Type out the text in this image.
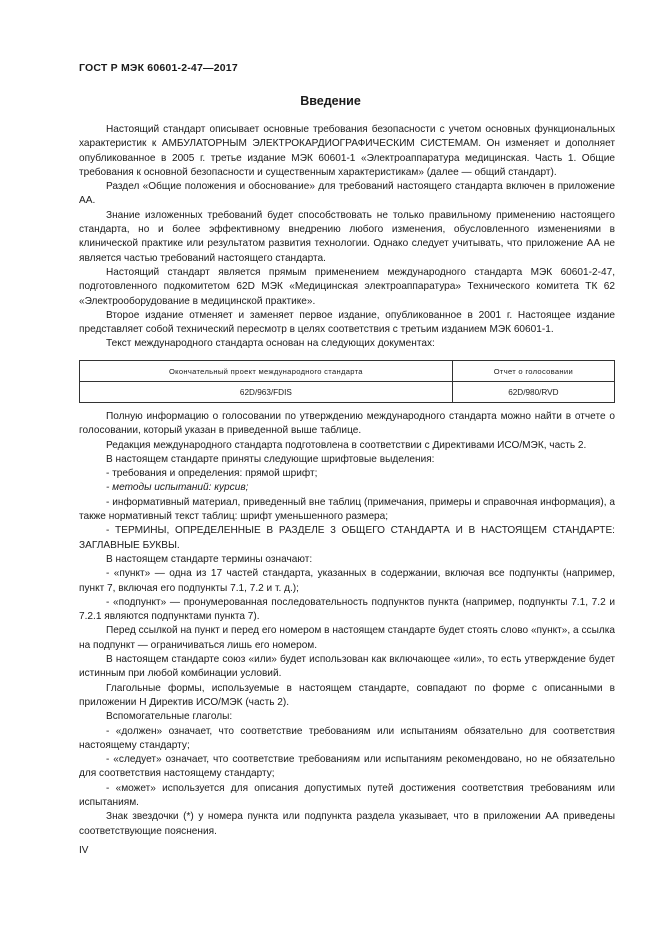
ГОСТ Р МЭК 60601-2-47—2017
Введение

Настоящий стандарт описывает основные требования безопасности с учетом основных функциональных характеристик к АМБУЛАТОРНЫМ ЭЛЕКТРОКАРДИОГРАФИЧЕСКИМ СИСТЕМАМ. Он изменяет и дополняет опубликованное в 2005 г. третье издание МЭК 60601-1 «Электроаппаратура медицинская. Часть 1. Общие требования к основной безопасности и существенным характеристикам» (далее — общий стандарт).

Раздел «Общие положения и обоснование» для требований настоящего стандарта включен в приложение АА.

Знание изложенных требований будет способствовать не только правильному применению настоящего стандарта, но и более эффективному внедрению любого изменения, обусловленного изменениями в клинической практике или результатом развития технологии. Однако следует учитывать, что приложение АА не является частью требований настоящего стандарта.

Настоящий стандарт является прямым применением международного стандарта МЭК 60601-2-47, подготовленного подкомитетом 62D МЭК «Медицинская электроаппаратура» Технического комитета ТК 62 «Электрооборудование в медицинской практике».

Второе издание отменяет и заменяет первое издание, опубликованное в 2001 г. Настоящее издание представляет собой технический пересмотр в целях соответствия с третьим изданием МЭК 60601-1.

Текст международного стандарта основан на следующих документах:

Окончательный проект международного стандарта	Отчет о голосовании
62D/963/FDIS	62D/980/RVD

Полную информацию о голосовании по утверждению международного стандарта можно найти в отчете о голосовании, который указан в приведенной выше таблице.

Редакция международного стандарта подготовлена в соответствии с Директивами ИСО/МЭК, часть 2.

В настоящем стандарте приняты следующие шрифтовые выделения:

- требования и определения: прямой шрифт;

- методы испытаний: курсив;

- информативный материал, приведенный вне таблиц (примечания, примеры и справочная информация), а также нормативный текст таблиц: шрифт уменьшенного размера;

- ТЕРМИНЫ, ОПРЕДЕЛЕННЫЕ В РАЗДЕЛЕ 3 ОБЩЕГО СТАНДАРТА И В НАСТОЯЩЕМ СТАНДАРТЕ: ЗАГЛАВНЫЕ БУКВЫ.

В настоящем стандарте термины означают:

- «пункт» — одна из 17 частей стандарта, указанных в содержании, включая все подпункты (например, пункт 7, включая его подпункты 7.1, 7.2 и т. д.);

- «подпункт» — пронумерованная последовательность подпунктов пункта (например, подпункты 7.1, 7.2 и 7.2.1 являются подпунктами пункта 7).

Перед ссылкой на пункт и перед его номером в настоящем стандарте будет стоять слово «пункт», а ссылка на подпункт — ограничиваться лишь его номером.

В настоящем стандарте союз «или» будет использован как включающее «или», то есть утверждение будет истинным при любой комбинации условий.

Глагольные формы, используемые в настоящем стандарте, совпадают по форме с описанными в приложении Н Директив ИСО/МЭК (часть 2).

Вспомогательные глаголы:

- «должен» означает, что соответствие требованиям или испытаниям обязательно для соответствия настоящему стандарту;

- «следует» означает, что соответствие требованиям или испытаниям рекомендовано, но не обязательно для соответствия настоящему стандарту;

- «может» используется для описания допустимых путей достижения соответствия требованиям или испытаниям.

Знак звездочки (*) у номера пункта или подпункта раздела указывает, что в приложении АА приведены соответствующие пояснения.

IV
